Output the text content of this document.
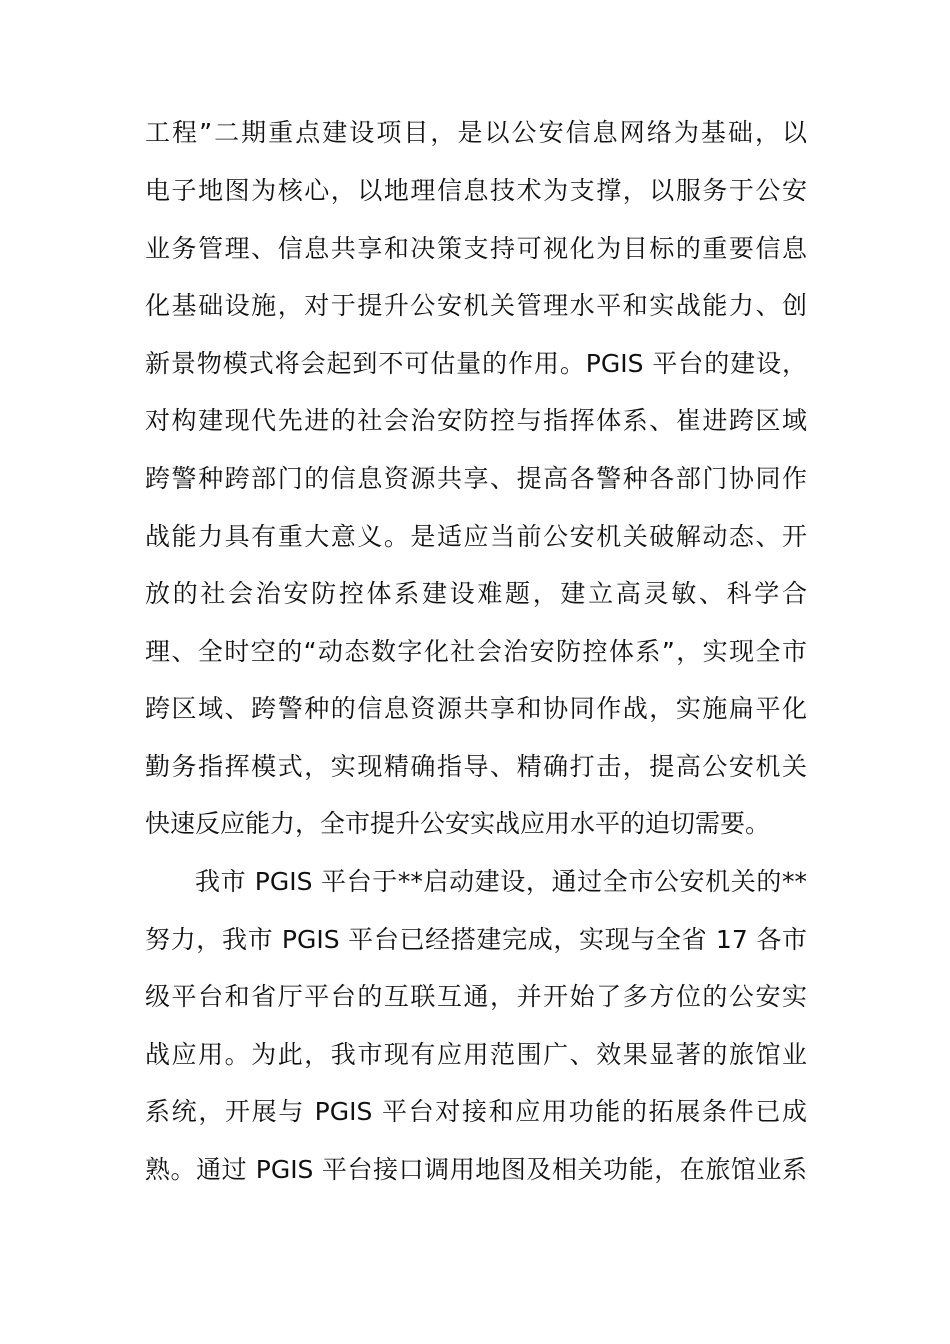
工程”二期重点建设项目，是以公安信息网络为基础，以
电子地图为核心，以地理信息技术为支撑，以服务于公安
业务管理、信息共享和决策支持可视化为目标的重要信息
化基础设施，对于提升公安机关管理水平和实战能力、创
新景物模式将会起到不可估量的作用。PGIS 平台的建设，
对构建现代先进的社会治安防控与指挥体系、崔进跨区域
跨警种跨部门的信息资源共享、提高各警种各部门协同作
战能力具有重大意义。是适应当前公安机关破解动态、开
放的社会治安防控体系建设难题，建立高灵敏、科学合
理、全时空的“动态数字化社会治安防控体系”，实现全市
跨区域、跨警种的信息资源共享和协同作战，实施扁平化
勤务指挥模式，实现精确指导、精确打击，提高公安机关
快速反应能力，全市提升公安实战应用水平的迫切需要。
我市 PGIS 平台于**启动建设，通过全市公安机关的**
努力，我市 PGIS 平台已经搭建完成，实现与全省 17 各市
级平台和省厅平台的互联互通，并开始了多方位的公安实
战应用。为此，我市现有应用范围广、效果显著的旅馆业
系统，开展与 PGIS 平台对接和应用功能的拓展条件已成
熟。通过 PGIS 平台接口调用地图及相关功能，在旅馆业系
